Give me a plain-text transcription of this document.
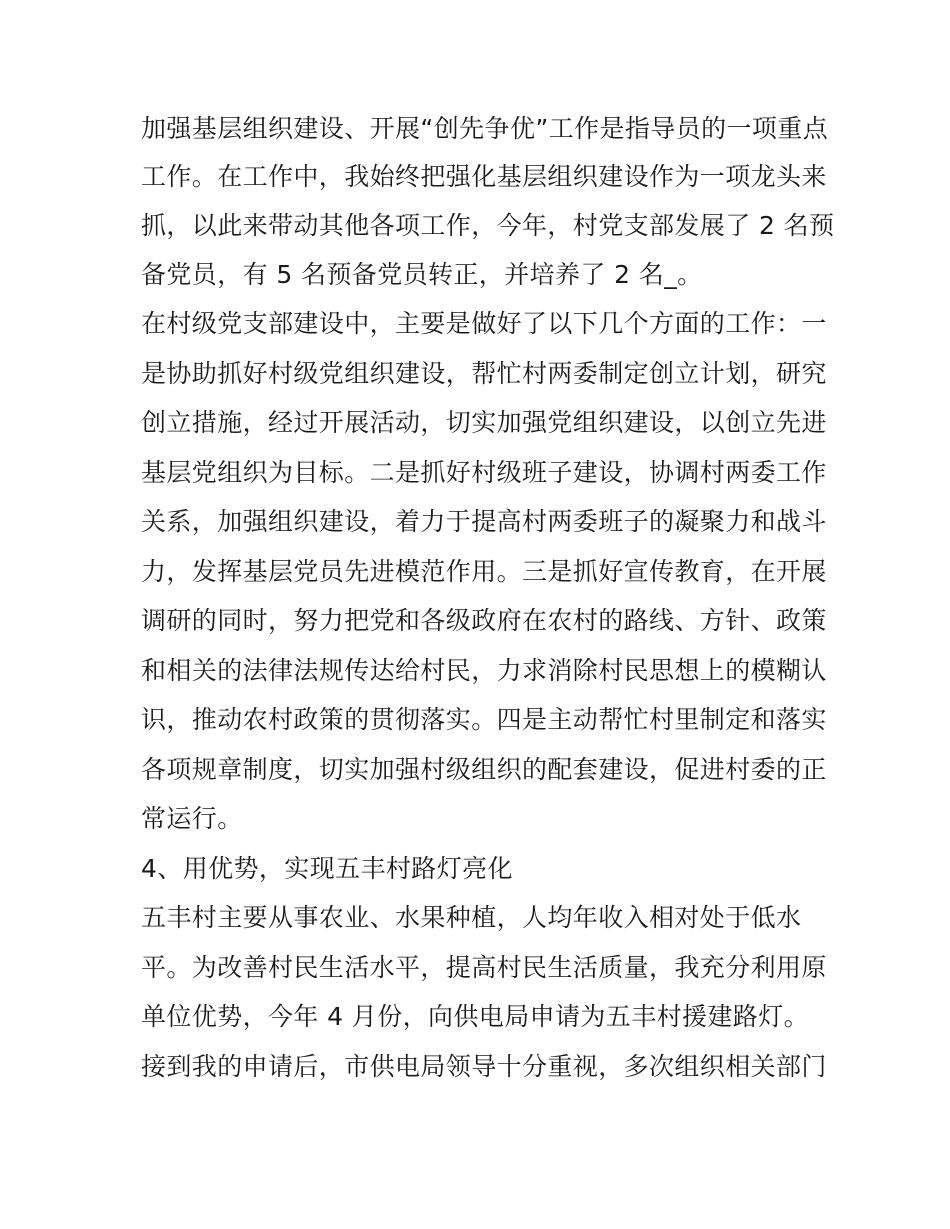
加强基层组织建设、开展“创先争优”工作是指导员的一项重点
工作。在工作中，我始终把强化基层组织建设作为一项龙头来
抓，以此来带动其他各项工作，今年，村党支部发展了 2 名预
备党员，有 5 名预备党员转正，并培养了 2 名_。
在村级党支部建设中，主要是做好了以下几个方面的工作：一
是协助抓好村级党组织建设，帮忙村两委制定创立计划，研究
创立措施，经过开展活动，切实加强党组织建设，以创立先进
基层党组织为目标。二是抓好村级班子建设，协调村两委工作
关系，加强组织建设，着力于提高村两委班子的凝聚力和战斗
力，发挥基层党员先进模范作用。三是抓好宣传教育，在开展
调研的同时，努力把党和各级政府在农村的路线、方针、政策
和相关的法律法规传达给村民，力求消除村民思想上的模糊认
识，推动农村政策的贯彻落实。四是主动帮忙村里制定和落实
各项规章制度，切实加强村级组织的配套建设，促进村委的正
常运行。
4、用优势，实现五丰村路灯亮化
五丰村主要从事农业、水果种植，人均年收入相对处于低水
平。为改善村民生活水平，提高村民生活质量，我充分利用原
单位优势，今年 4 月份，向供电局申请为五丰村援建路灯。
接到我的申请后，市供电局领导十分重视，多次组织相关部门
